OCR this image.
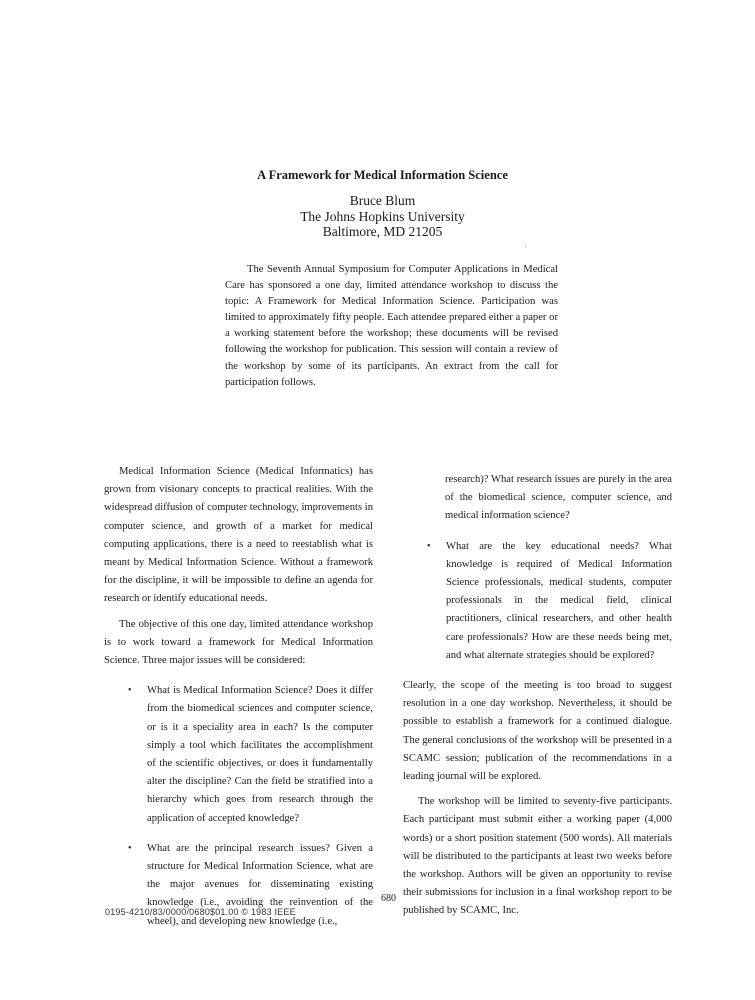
A Framework for Medical Information Science
Bruce Blum
The Johns Hopkins University
Baltimore, MD 21205

The Seventh Annual Symposium for Computer Applications in Medical Care has sponsored a one day, limited attendance workshop to discuss the topic: A Framework for Medical Information Science. Participation was limited to approximately fifty people. Each attendee prepared either a paper or a working statement before the workshop; these documents will be revised following the workshop for publication. This session will contain a review of the workshop by some of its participants. An extract from the call for participation follows.

Medical Information Science (Medical Informatics) has grown from visionary concepts to practical realities. With the widespread diffusion of computer technology, improvements in computer science, and growth of a market for medical computing applications, there is a need to reestablish what is meant by Medical Information Science. Without a framework for the discipline, it will be impossible to define an agenda for research or identify educational needs.

The objective of this one day, limited attendance workshop is to work toward a framework for Medical Information Science. Three major issues will be considered:

• What is Medical Information Science? Does it differ from the biomedical sciences and computer science, or is it a speciality area in each? Is the computer simply a tool which facilitates the accomplishment of the scientific objectives, or does it fundamentally alter the discipline? Can the field be stratified into a hierarchy which goes from research through the application of accepted knowledge?

• What are the principal research issues? Given a structure for Medical Information Science, what are the major avenues for disseminating existing knowledge (i.e., avoiding the reinvention of the wheel), and developing new knowledge (i.e.,

research)? What research issues are purely in the area of the biomedical science, computer science, and medical information science?

• What are the key educational needs? What knowledge is required of Medical Information Science professionals, medical students, computer professionals in the medical field, clinical practitioners, clinical researchers, and other health care professionals? How are these needs being met, and what alternate strategies should be explored?

Clearly, the scope of the meeting is too broad to suggest resolution in a one day workshop. Nevertheless, it should be possible to establish a framework for a continued dialogue. The general conclusions of the workshop will be presented in a SCAMC session; publication of the recommendations in a leading journal will be explored.

The workshop will be limited to seventy-five participants. Each participant must submit either a working paper (4,000 words) or a short position statement (500 words). All materials will be distributed to the participants at least two weeks before the workshop. Authors will be given an opportunity to revise their submissions for inclusion in a final workshop report to be published by SCAMC, Inc.

680
0195-4210/83/0000/0680$01.00 © 1983 IEEE
